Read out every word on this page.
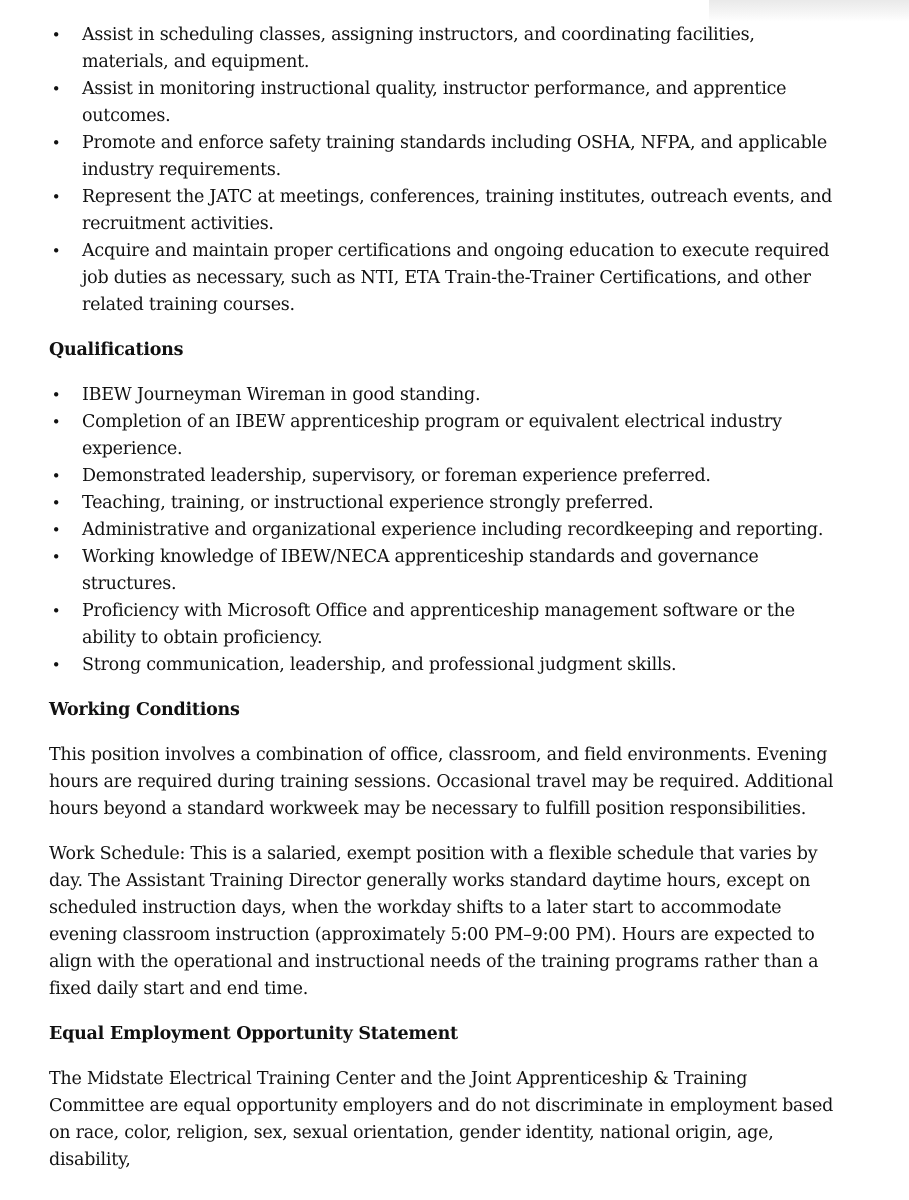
• Assist in scheduling classes, assigning instructors, and coordinating facilities, materials, and equipment.
• Assist in monitoring instructional quality, instructor performance, and apprentice outcomes.
• Promote and enforce safety training standards including OSHA, NFPA, and applicable industry requirements.
• Represent the JATC at meetings, conferences, training institutes, outreach events, and recruitment activities.
• Acquire and maintain proper certifications and ongoing education to execute required job duties as necessary, such as NTI, ETA Train-the-Trainer Certifications, and other related training courses.
Qualifications
• IBEW Journeyman Wireman in good standing.
• Completion of an IBEW apprenticeship program or equivalent electrical industry experience.
• Demonstrated leadership, supervisory, or foreman experience preferred.
• Teaching, training, or instructional experience strongly preferred.
• Administrative and organizational experience including recordkeeping and reporting.
• Working knowledge of IBEW/NECA apprenticeship standards and governance structures.
• Proficiency with Microsoft Office and apprenticeship management software or the ability to obtain proficiency.
• Strong communication, leadership, and professional judgment skills.
Working Conditions

This position involves a combination of office, classroom, and field environments. Evening hours are required during training sessions. Occasional travel may be required. Additional hours beyond a standard workweek may be necessary to fulfill position responsibilities.

Work Schedule: This is a salaried, exempt position with a flexible schedule that varies by day. The Assistant Training Director generally works standard daytime hours, except on scheduled instruction days, when the workday shifts to a later start to accommodate evening classroom instruction (approximately 5:00 PM–9:00 PM). Hours are expected to align with the operational and instructional needs of the training programs rather than a fixed daily start and end time.

Equal Employment Opportunity Statement

The Midstate Electrical Training Center and the Joint Apprenticeship & Training Committee are equal opportunity employers and do not discriminate in employment based on race, color, religion, sex, sexual orientation, gender identity, national origin, age, disability,
